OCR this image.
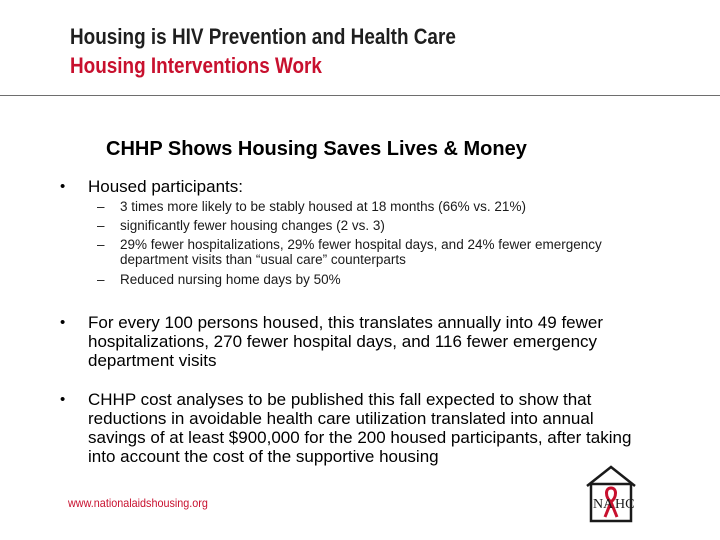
Housing is HIV Prevention and Health Care
Housing Interventions Work
CHHP Shows Housing Saves Lives & Money
• Housed participants:
– 3 times more likely to be stably housed at 18 months (66% vs. 21%)
– significantly fewer housing changes (2 vs. 3)
– 29% fewer hospitalizations, 29% fewer hospital days, and 24% fewer emergency department visits than “usual care” counterparts
– Reduced nursing home days by 50%
• For every 100 persons housed, this translates annually into 49 fewer hospitalizations, 270 fewer hospital days, and 116 fewer emergency department visits
• CHHP cost analyses to be published this fall expected to show that reductions in avoidable health care utilization translated into annual savings of at least $900,000 for the 200 housed participants, after taking into account the cost of the supportive housing
www.nationalaidshousing.org	NA HC
